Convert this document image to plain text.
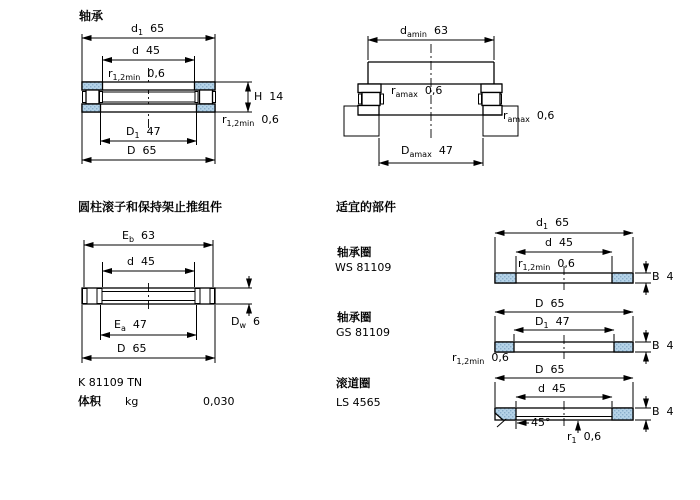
轴承
$d_1$ 65
d 45
$r_{1,2min}$ 0,6
H 14
$r_{1,2min}$ 0,6
$D_1$ 47
D 65
$d_{amin}$ 63
$r_{amax}$ 0,6
$r_{amax}$ 0,6
$D_{amax}$ 47
圆柱滚子和保持架止推组件
$E_b$ 63
d 45
$E_a$ 47
D 65
$D_w$ 6
K 81109 TN
体积 kg	0,030
适宜的部件
轴承圈
WS 81109
轴承圈
GS 81109
滚道圈
LS 4565
$d_1$ 65
d 45
$r_{1,2min}$ 0,6
B 4
D 65
$D_1$ 47
B 4
$r_{1,2min}$ 0,6
D 65
d 45
B 4
45°
$r_1$ 0,6
